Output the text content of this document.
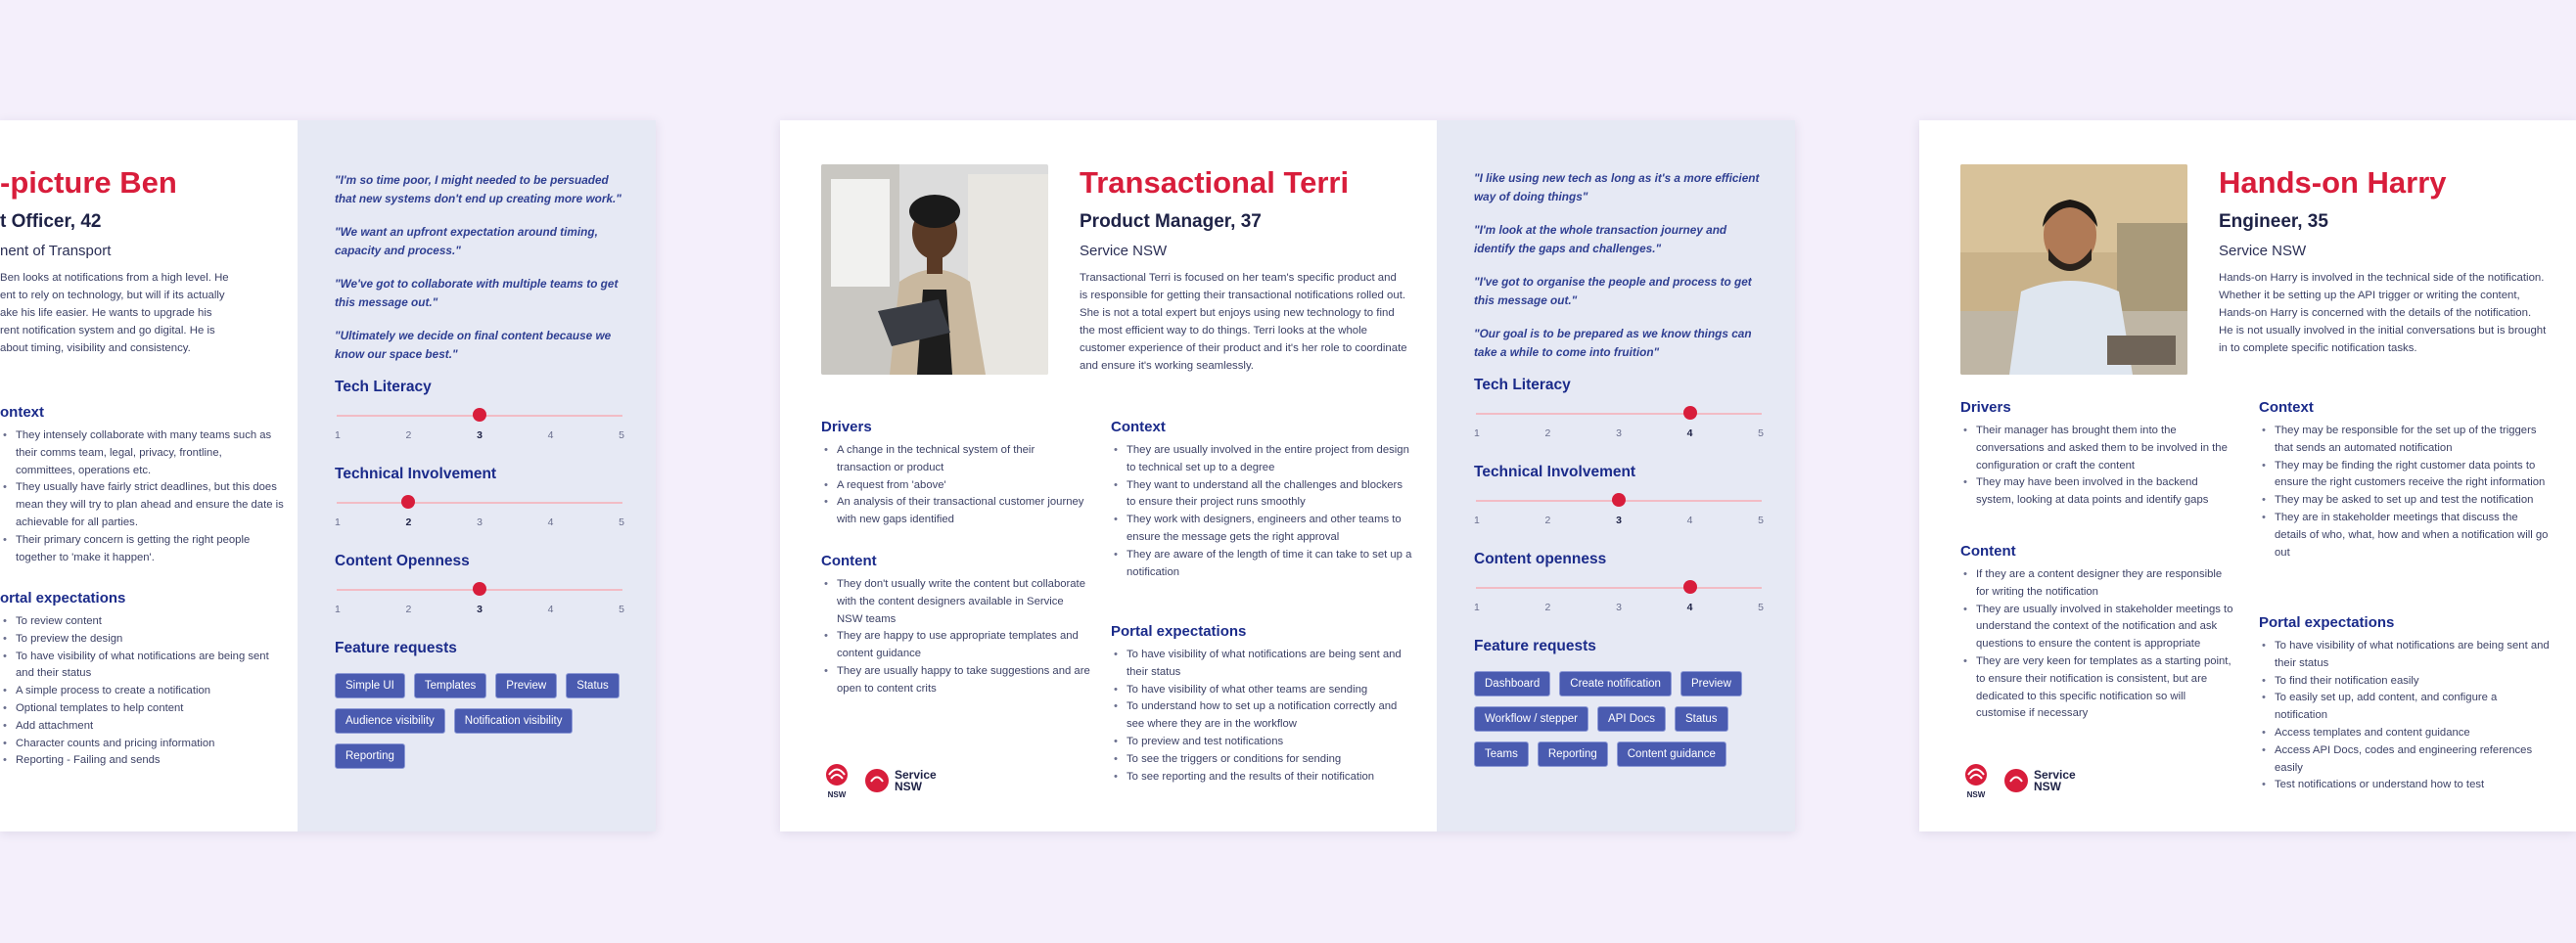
-picture Ben
t Officer, 42
nent of Transport
Ben looks at notifications from a high level. He
ent to rely on technology, but will if its actually
ake his life easier. He wants to upgrade his
rent notification system and go digital. He is
about timing, visibility and consistency.
ontext
• They intensely collaborate with many teams such as their comms team, legal, privacy, frontline, committees, operations etc.
• They usually have fairly strict deadlines, but this does mean they will try to plan ahead and ensure the date is achievable for all parties.
• Their primary concern is getting the right people together to 'make it happen'.
ortal expectations
• To review content
• To preview the design
• To have visibility of what notifications are being sent and their status
• A simple process to create a notification
• Optional templates to help content
• Add attachment
• Character counts and pricing information
• Reporting - Failing and sends
"I'm so time poor, I might needed to be persuaded that new systems don't end up creating more work."
"We want an upfront expectation around timing, capacity and process."
"We've got to collaborate with multiple teams to get this message out."
"Ultimately we decide on final content because we know our space best."
Tech Literacy
1	2	3	4	5
Technical Involvement
1	2	3	4	5
Content Openness
1	2	3	4	5
Feature requests
Simple UI	Templates	Preview	Status
Audience visibility	Notification visibility
Reporting
Transactional Terri
Product Manager, 37
Service NSW
Transactional Terri is focused on her team's specific product and is responsible for getting their transactional notifications rolled out. She is not a total expert but enjoys using new technology to find the most efficient way to do things. Terri looks at the whole customer experience of their product and it's her role to coordinate and ensure it's working seamlessly.
Drivers
• A change in the technical system of their transaction or product
• A request from 'above'
• An analysis of their transactional customer journey with new gaps identified
Content
• They don't usually write the content but collaborate with the content designers available in Service NSW teams
• They are happy to use appropriate templates and content guidance
• They are usually happy to take suggestions and are open to content crits
Context
• They are usually involved in the entire project from design to technical set up to a degree
• They want to understand all the challenges and blockers to ensure their project runs smoothly
• They work with designers, engineers and other teams to ensure the message gets the right approval
• They are aware of the length of time it can take to set up a notification
Portal expectations
• To have visibility of what notifications are being sent and their status
• To have visibility of what other teams are sending
• To understand how to set up a notification correctly and see where they are in the workflow
• To preview and test notifications
• To see the triggers or conditions for sending
• To see reporting and the results of their notification
NSW
Service
NSW
"I like using new tech as long as it's a more efficient way of doing things"
"I'm look at the whole transaction journey and identify the gaps and challenges."
"I've got to organise the people and process to get this message out."
"Our goal is to be prepared as we know things can take a while to come into fruition"
Tech Literacy
1	2	3	4	5
Technical Involvement
1	2	3	4	5
Content openness
1	2	3	4	5
Feature requests
Dashboard	Create notification	Preview
Workflow / stepper	API Docs	Status
Teams	Reporting	Content guidance
Hands-on Harry
Engineer, 35
Service NSW
Hands-on Harry is involved in the technical side of the notification. Whether it be setting up the API trigger or writing the content, Hands-on Harry is concerned with the details of the notification. He is not usually involved in the initial conversations but is brought in to complete specific notification tasks.
Drivers
• Their manager has brought them into the conversations and asked them to be involved in the configuration or craft the content
• They may have been involved in the backend system, looking at data points and identify gaps
Content
• If they are a content designer they are responsible for writing the notification
• They are usually involved in stakeholder meetings to understand the context of the notification and ask questions to ensure the content is appropriate
• They are very keen for templates as a starting point, to ensure their notification is consistent, but are dedicated to this specific notification so will customise if necessary
Context
• They may be responsible for the set up of the triggers that sends an automated notification
• They may be finding the right customer data points to ensure the right customers receive the right information
• They may be asked to set up and test the notification
• They are in stakeholder meetings that discuss the details of who, what, how and when a notification will go out
Portal expectations
• To have visibility of what notifications are being sent and their status
• To find their notification easily
• To easily set up, add content, and configure a notification
• Access templates and content guidance
• Access API Docs, codes and engineering references easily
• Test notifications or understand how to test
NSW
Service
NSW
